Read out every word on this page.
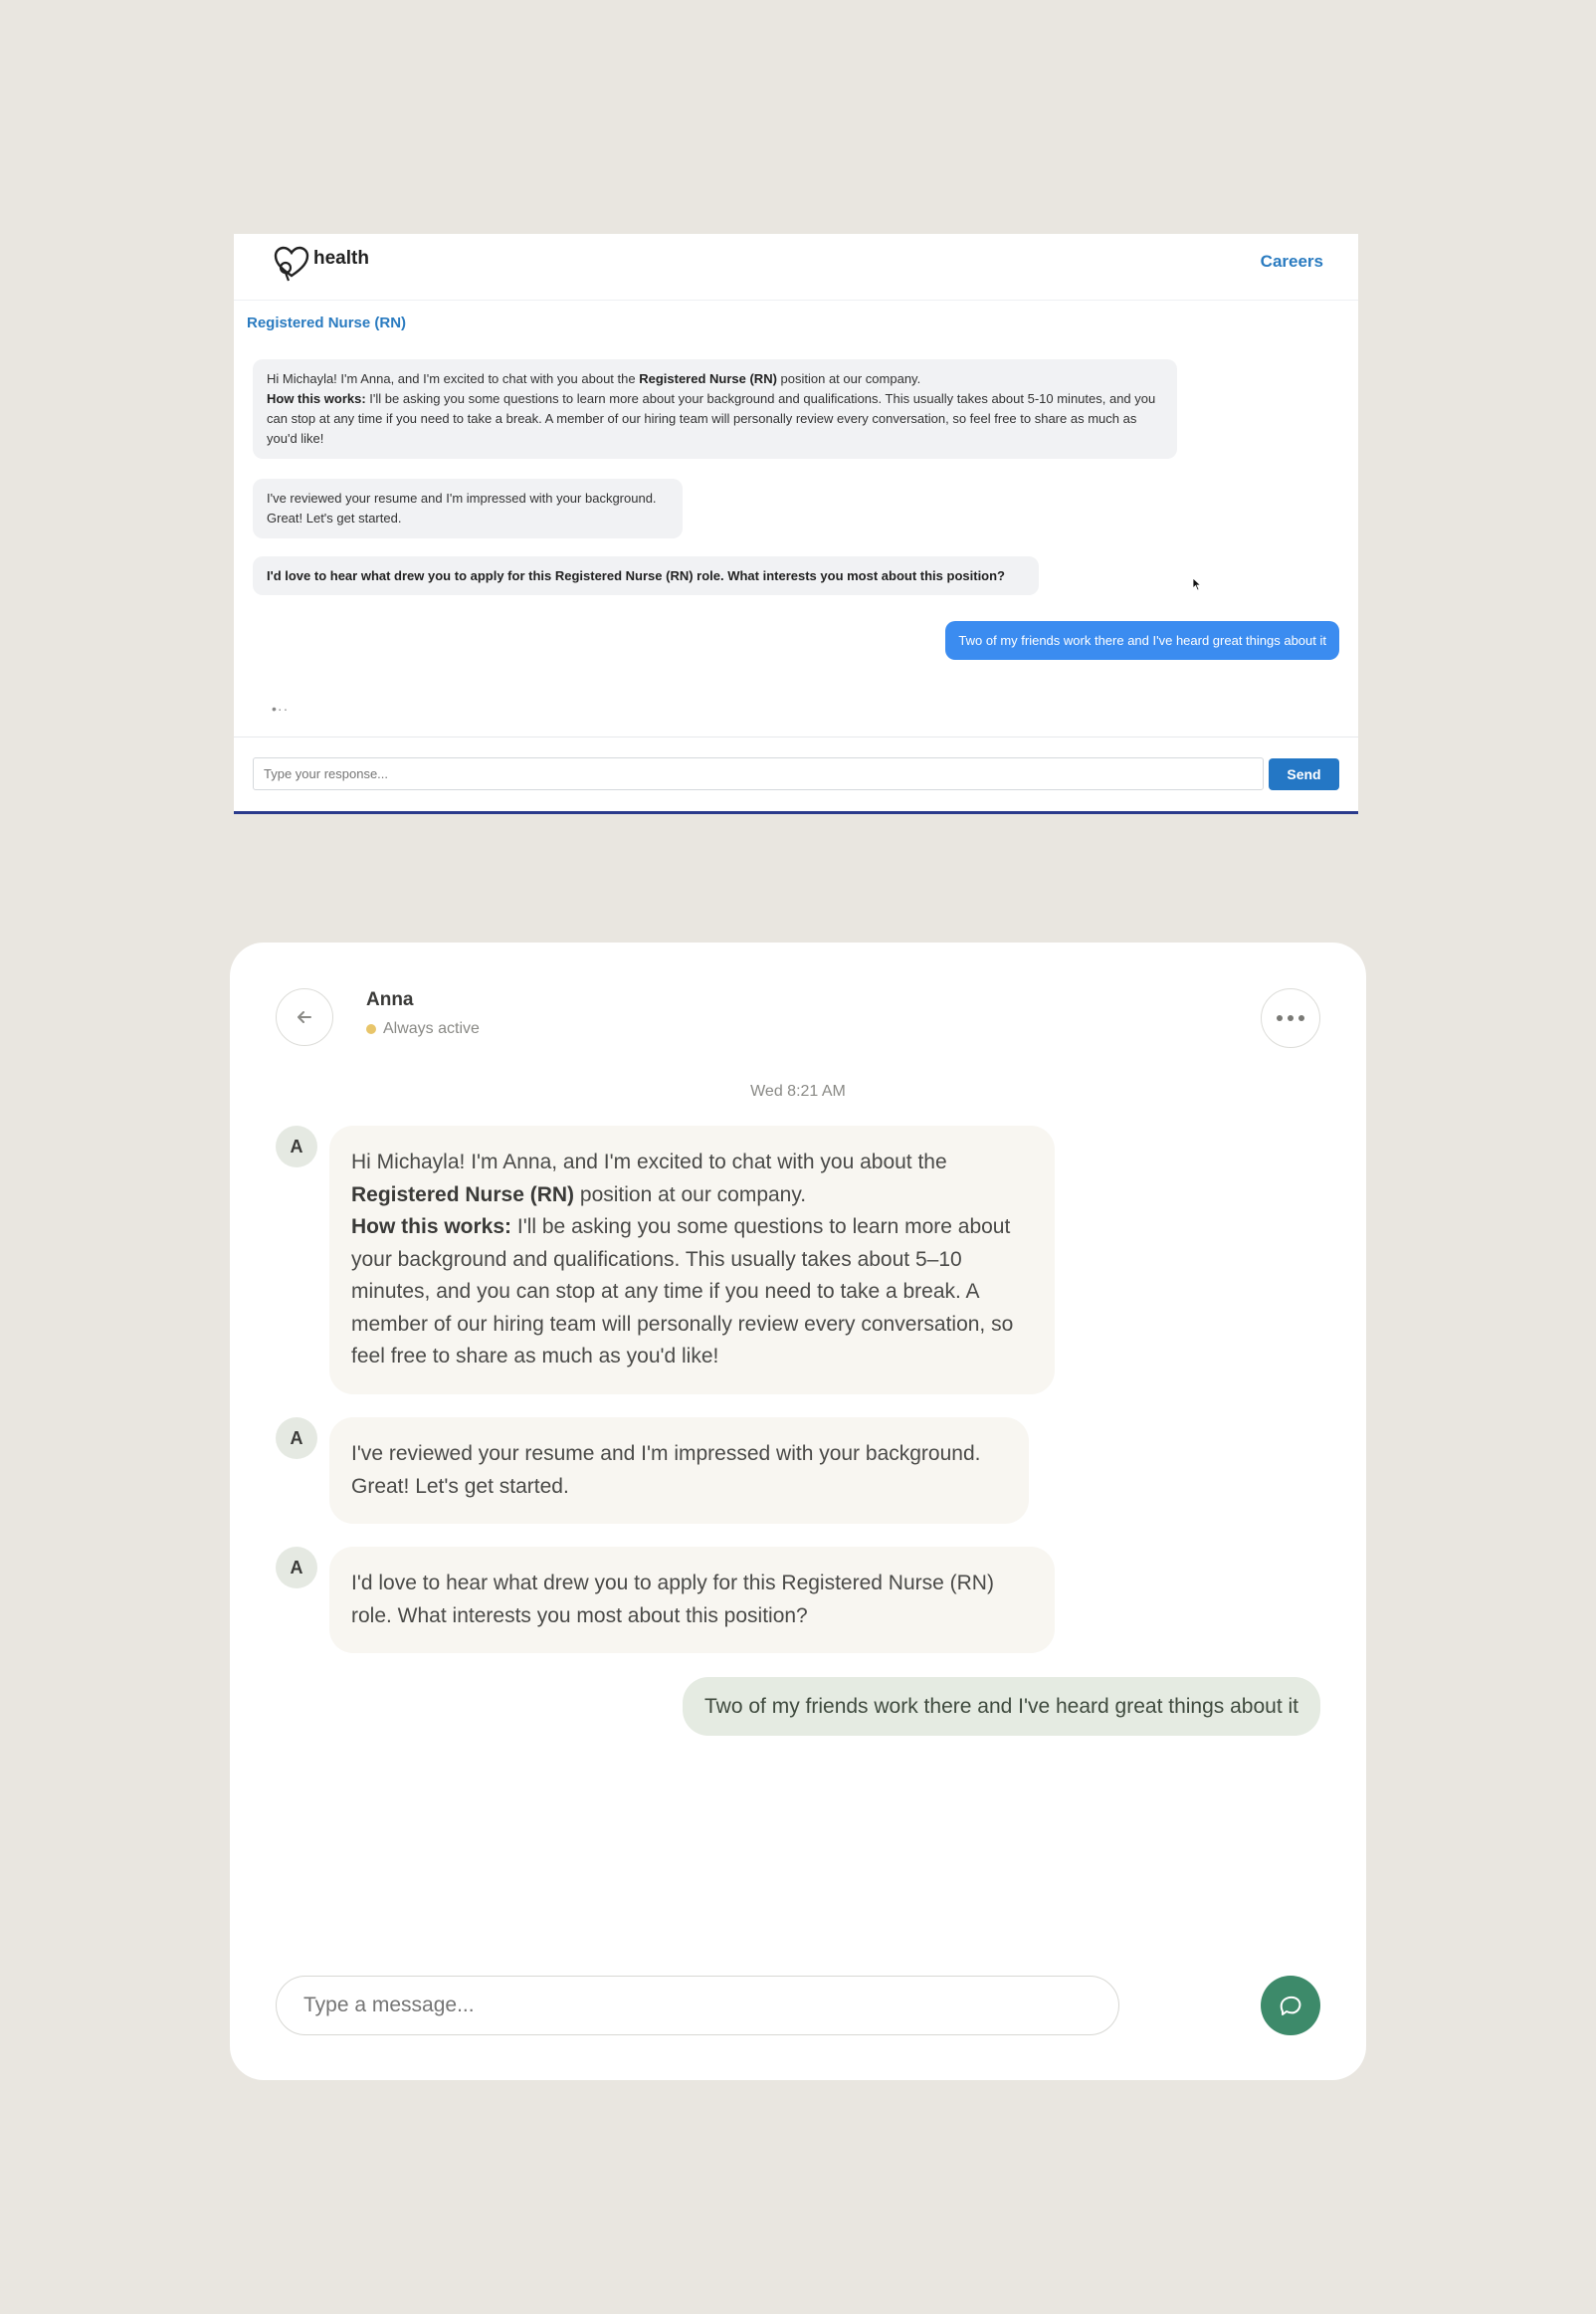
health	Careers
Registered Nurse (RN)
Hi Michayla! I'm Anna, and I'm excited to chat with you about the Registered Nurse (RN) position at our company.
How this works: I'll be asking you some questions to learn more about your background and qualifications. This usually takes about 5-10 minutes, and you can stop at any time if you need to take a break. A member of our hiring team will personally review every conversation, so feel free to share as much as you'd like!
I've reviewed your resume and I'm impressed with your background.
Great! Let's get started.
I'd love to hear what drew you to apply for this Registered Nurse (RN) role. What interests you most about this position?
Two of my friends work there and I've heard great things about it
•··
Type your response...
Send
Anna
Always active
Wed 8:21 AM
A
Hi Michayla! I'm Anna, and I'm excited to chat with you about the Registered Nurse (RN) position at our company.
How this works: I'll be asking you some questions to learn more about your background and qualifications. This usually takes about 5–10 minutes, and you can stop at any time if you need to take a break. A member of our hiring team will personally review every conversation, so feel free to share as much as you'd like!
A
I've reviewed your resume and I'm impressed with your background.
Great! Let's get started.
A
I'd love to hear what drew you to apply for this Registered Nurse (RN) role. What interests you most about this position?
Two of my friends work there and I've heard great things about it
Type a message...
